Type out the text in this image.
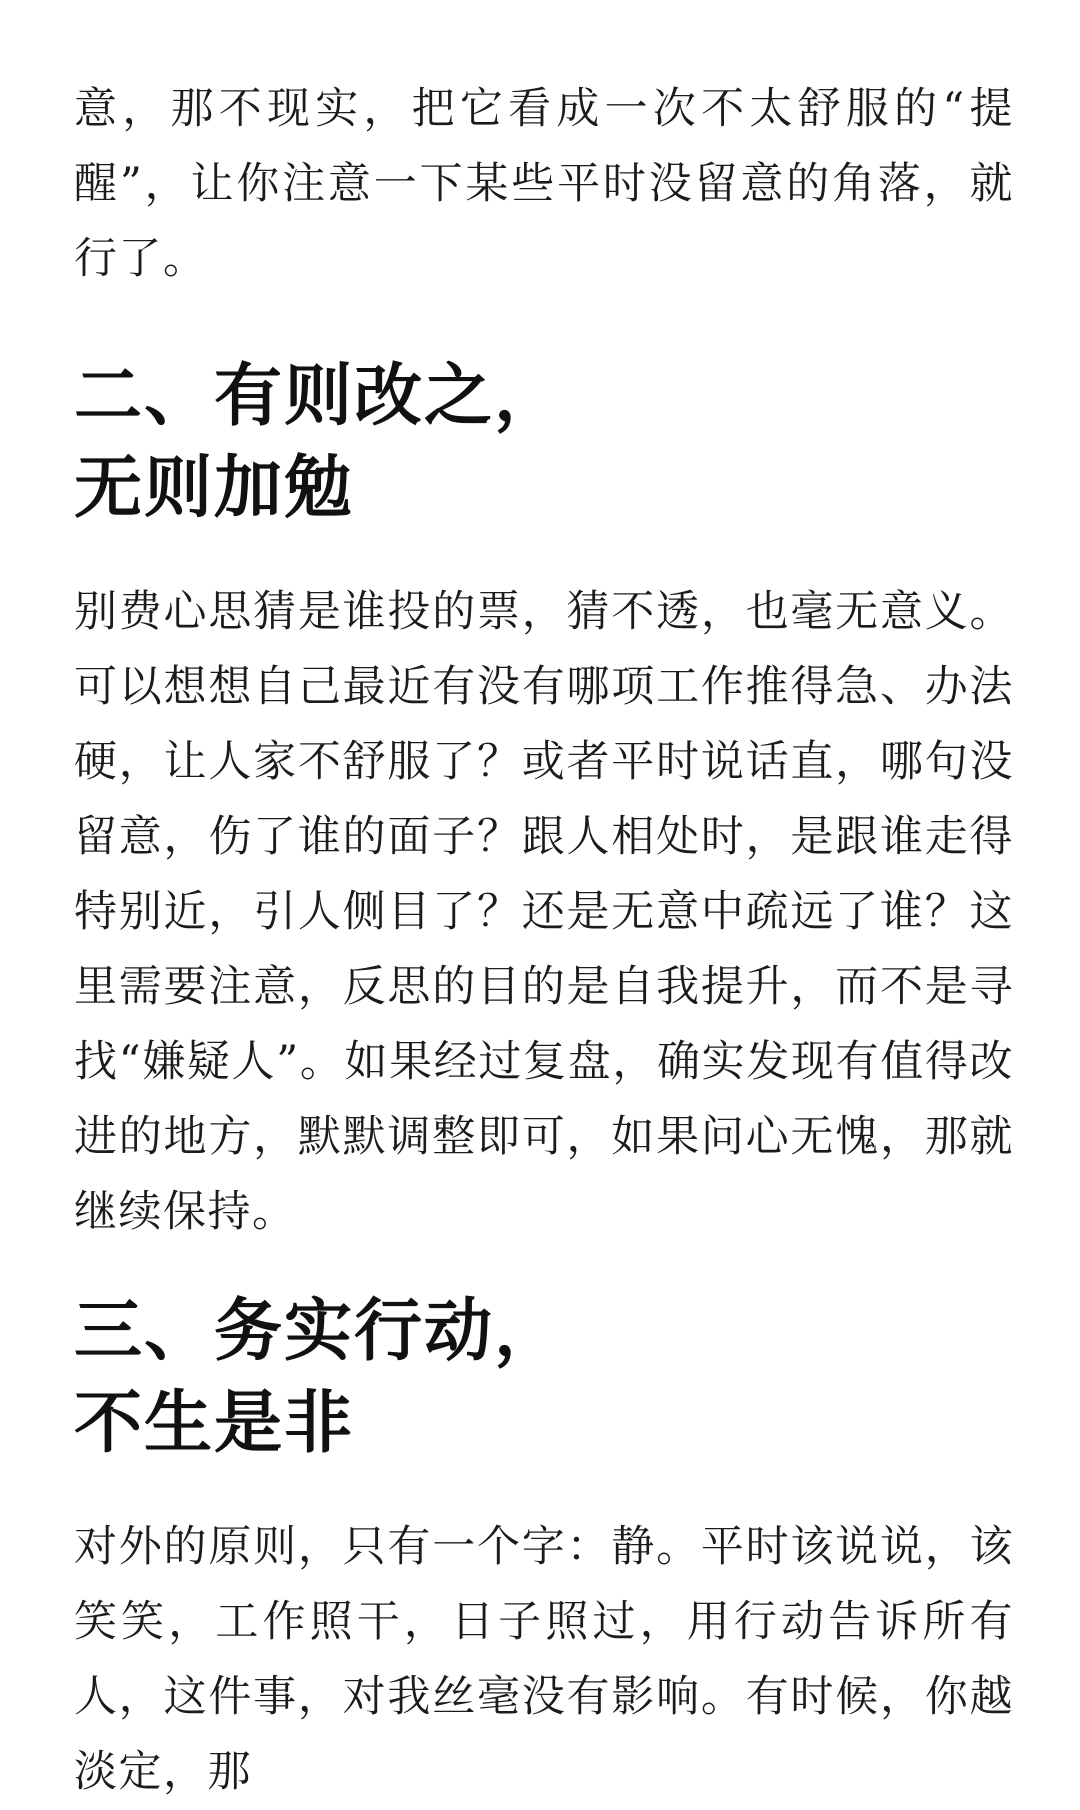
意，那不现实，把它看成一次不太舒服的“提醒”，让你注意一下某些平时没留意的角落，就行了。

二、有则改之，
无则加勉

别费心思猜是谁投的票，猜不透，也毫无意义。可以想想自己最近有没有哪项工作推得急、办法硬，让人家不舒服了？或者平时说话直，哪句没留意，伤了谁的面子？跟人相处时，是跟谁走得特别近，引人侧目了？还是无意中疏远了谁？这里需要注意，反思的目的是自我提升，而不是寻找“嫌疑人”。如果经过复盘，确实发现有值得改进的地方，默默调整即可，如果问心无愧，那就继续保持。

三、务实行动，
不生是非

对外的原则，只有一个字：静。平时该说说，该笑笑，工作照干，日子照过，用行动告诉所有人，这件事，对我丝毫没有影响。有时候，你越淡定，那
